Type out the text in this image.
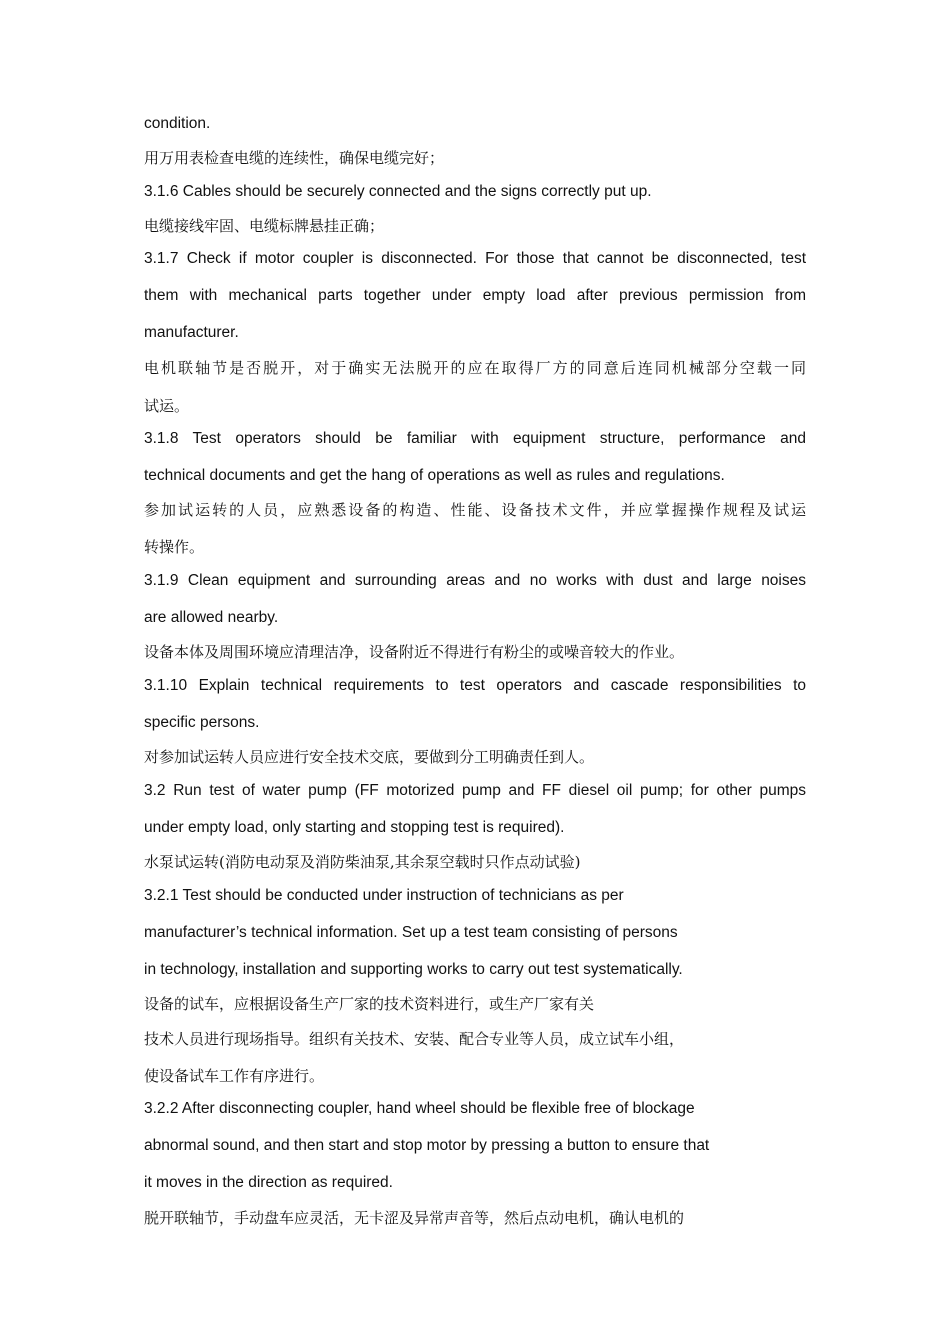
condition.
用万用表检查电缆的连续性，确保电缆完好；
3.1.6 Cables should be securely connected and the signs correctly put up.
电缆接线牢固、电缆标牌悬挂正确；
3.1.7 Check if motor coupler is disconnected. For those that cannot be disconnected, test
them with mechanical parts together under empty load after previous permission from
manufacturer.
电机联轴节是否脱开，对于确实无法脱开的应在取得厂方的同意后连同机械部分空载一同
试运。
3.1.8 Test operators should be familiar with equipment structure, performance and
technical documents and get the hang of operations as well as rules and regulations.
参加试运转的人员，应熟悉设备的构造、性能、设备技术文件，并应掌握操作规程及试运
转操作。
3.1.9 Clean equipment and surrounding areas and no works with dust and large noises
are allowed nearby.
设备本体及周围环境应清理洁净，设备附近不得进行有粉尘的或噪音较大的作业。
3.1.10 Explain technical requirements to test operators and cascade responsibilities to
specific persons.
对参加试运转人员应进行安全技术交底，要做到分工明确责任到人。
3.2 Run test of water pump (FF motorized pump and FF diesel oil pump; for other pumps
under empty load, only starting and stopping test is required).
水泵试运转(消防电动泵及消防柴油泵,其余泵空载时只作点动试验)
3.2.1 Test should be conducted under instruction of technicians as per
manufacturer’s technical information. Set up a test team consisting of persons
in technology, installation and supporting works to carry out test systematically.
设备的试车，应根据设备生产厂家的技术资料进行，或生产厂家有关
技术人员进行现场指导。组织有关技术、安装、配合专业等人员，成立试车小组，
使设备试车工作有序进行。
3.2.2 After disconnecting coupler, hand wheel should be flexible free of blockage
abnormal sound, and then start and stop motor by pressing a button to ensure that
it moves in the direction as required.
脱开联轴节，手动盘车应灵活，无卡涩及异常声音等，然后点动电机，确认电机的
